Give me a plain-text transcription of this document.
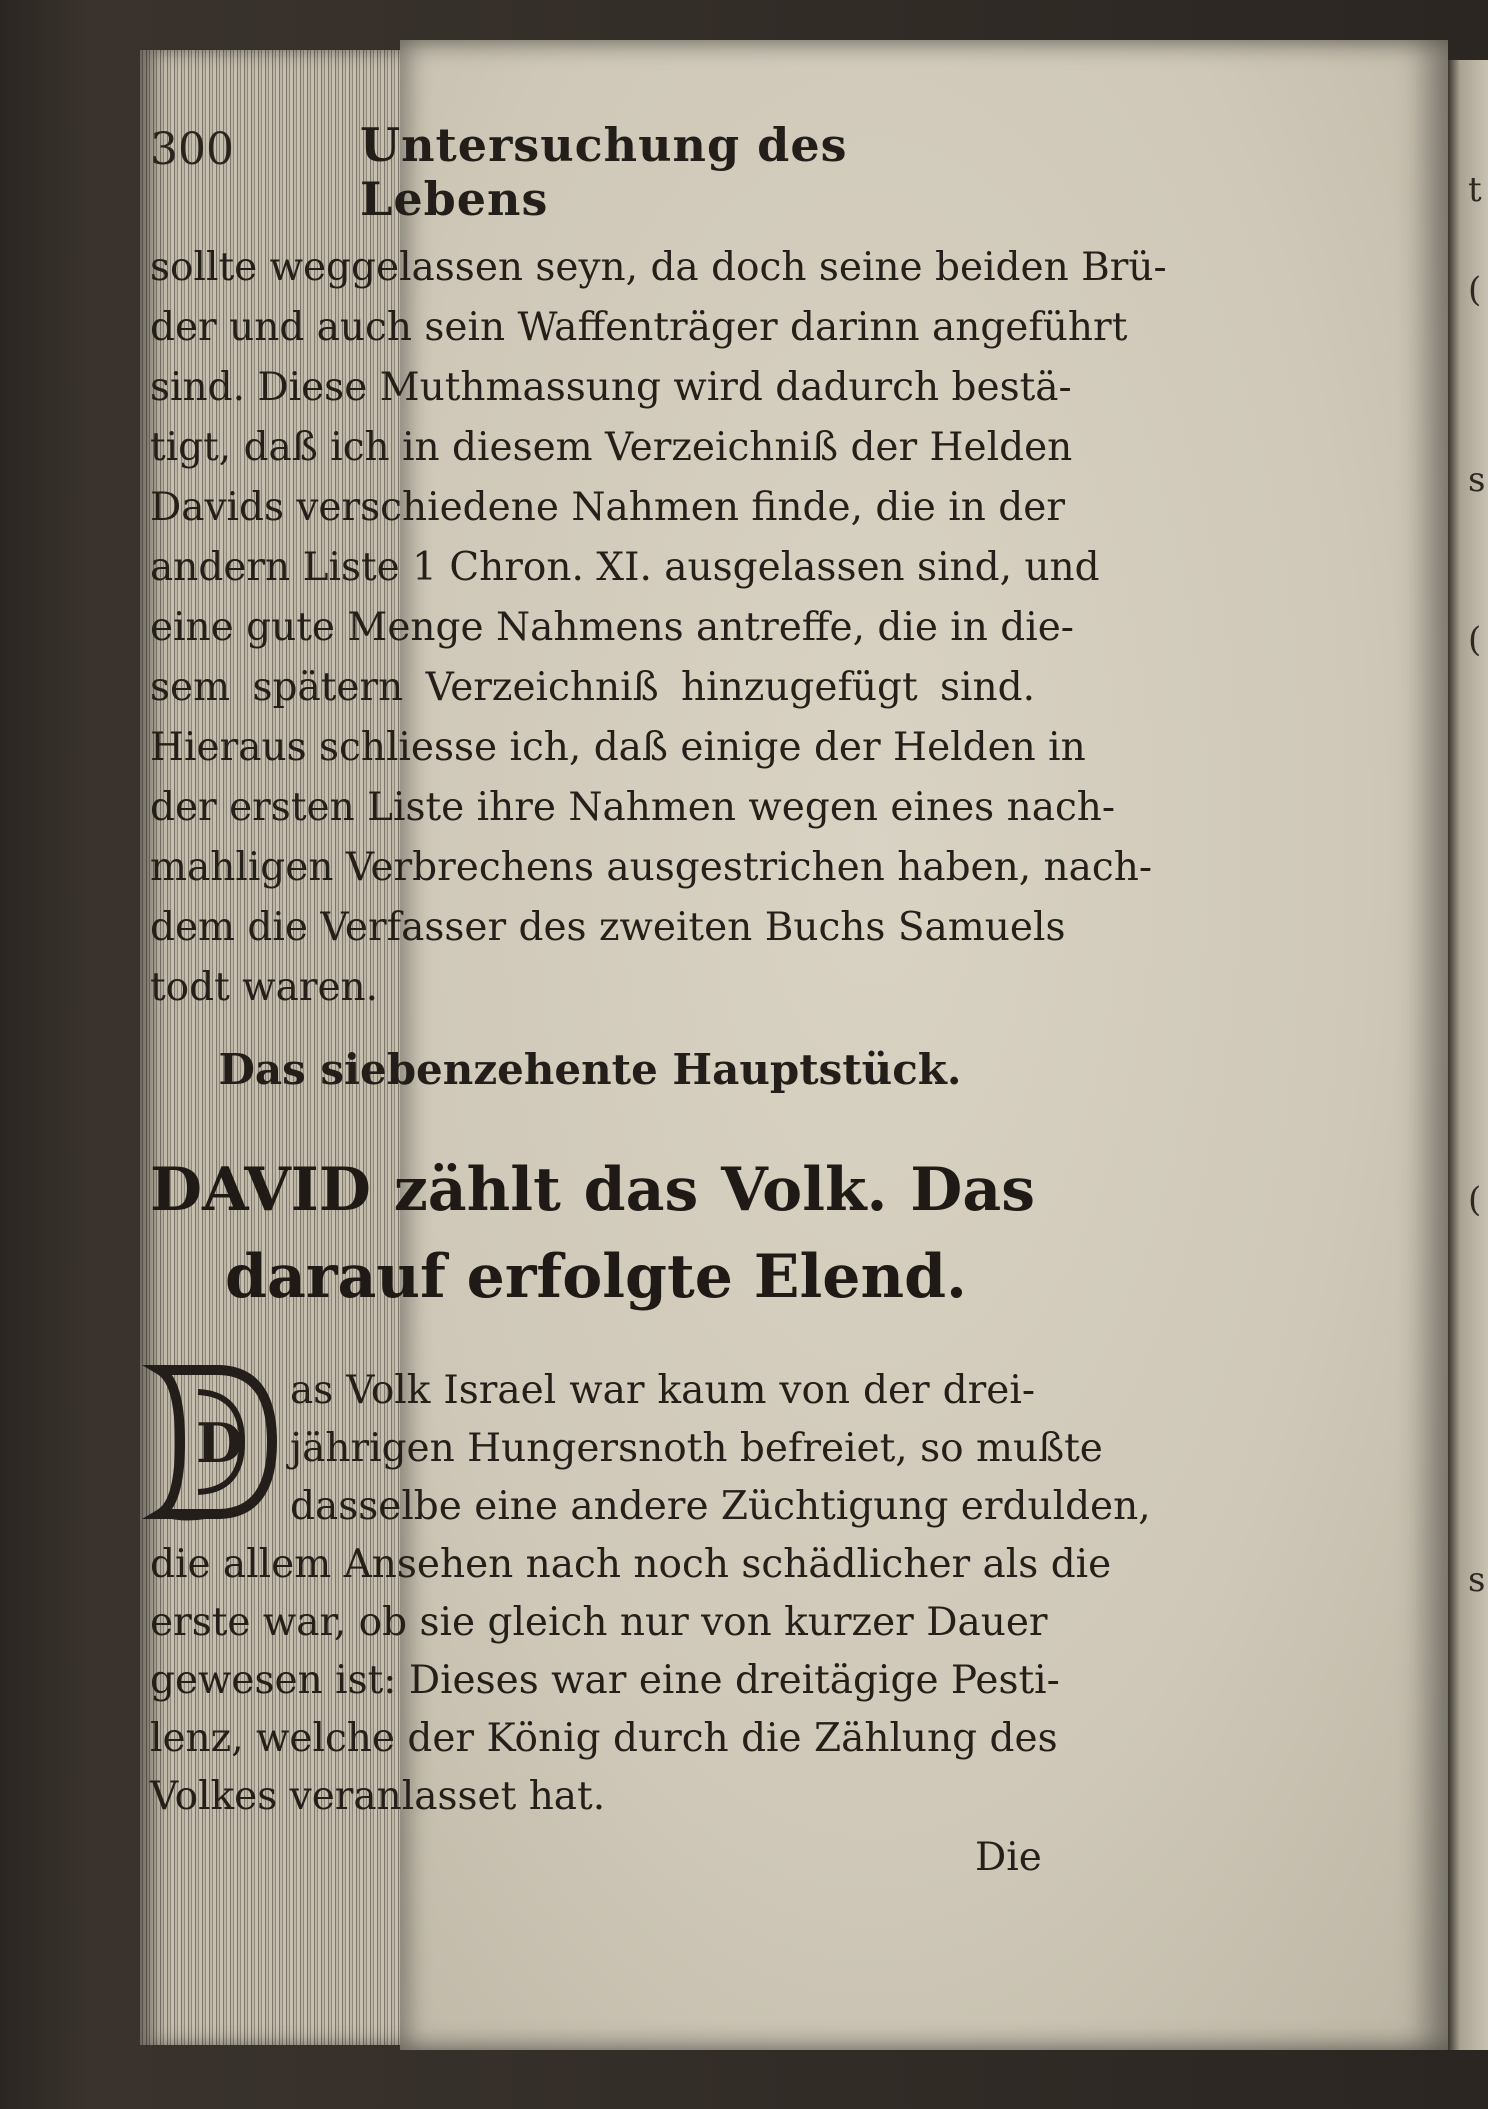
t
(
s
(
(
s
300	Untersuchung des Lebens
sollte weggelassen seyn, da doch seine beiden Brü-
der und auch sein Waffenträger darinn angeführt
sind. Diese Muthmassung wird dadurch bestä-
tigt, daß ich in diesem Verzeichniß der Helden
Davids verschiedene Nahmen finde, die in der
andern Liste 1 Chron. XI. ausgelassen sind, und
eine gute Menge Nahmens antreffe, die in die-
sem spätern Verzeichniß hinzugefügt sind.
Hieraus schliesse ich, daß einige der Helden in
der ersten Liste ihre Nahmen wegen eines nach-
mahligen Verbrechens ausgestrichen haben, nach-
dem die Verfasser des zweiten Buchs Samuels
todt waren.
Das siebenzehente Hauptstück.
DAVID zählt das Volk. Das
darauf erfolgte Elend.
D
as Volk Israel war kaum von der drei-
jährigen Hungersnoth befreiet, so mußte
dasselbe eine andere Züchtigung erdulden,
die allem Ansehen nach noch schädlicher als die
erste war, ob sie gleich nur von kurzer Dauer
gewesen ist: Dieses war eine dreitägige Pesti-
lenz, welche der König durch die Zählung des
Volkes veranlasset hat.
Die
